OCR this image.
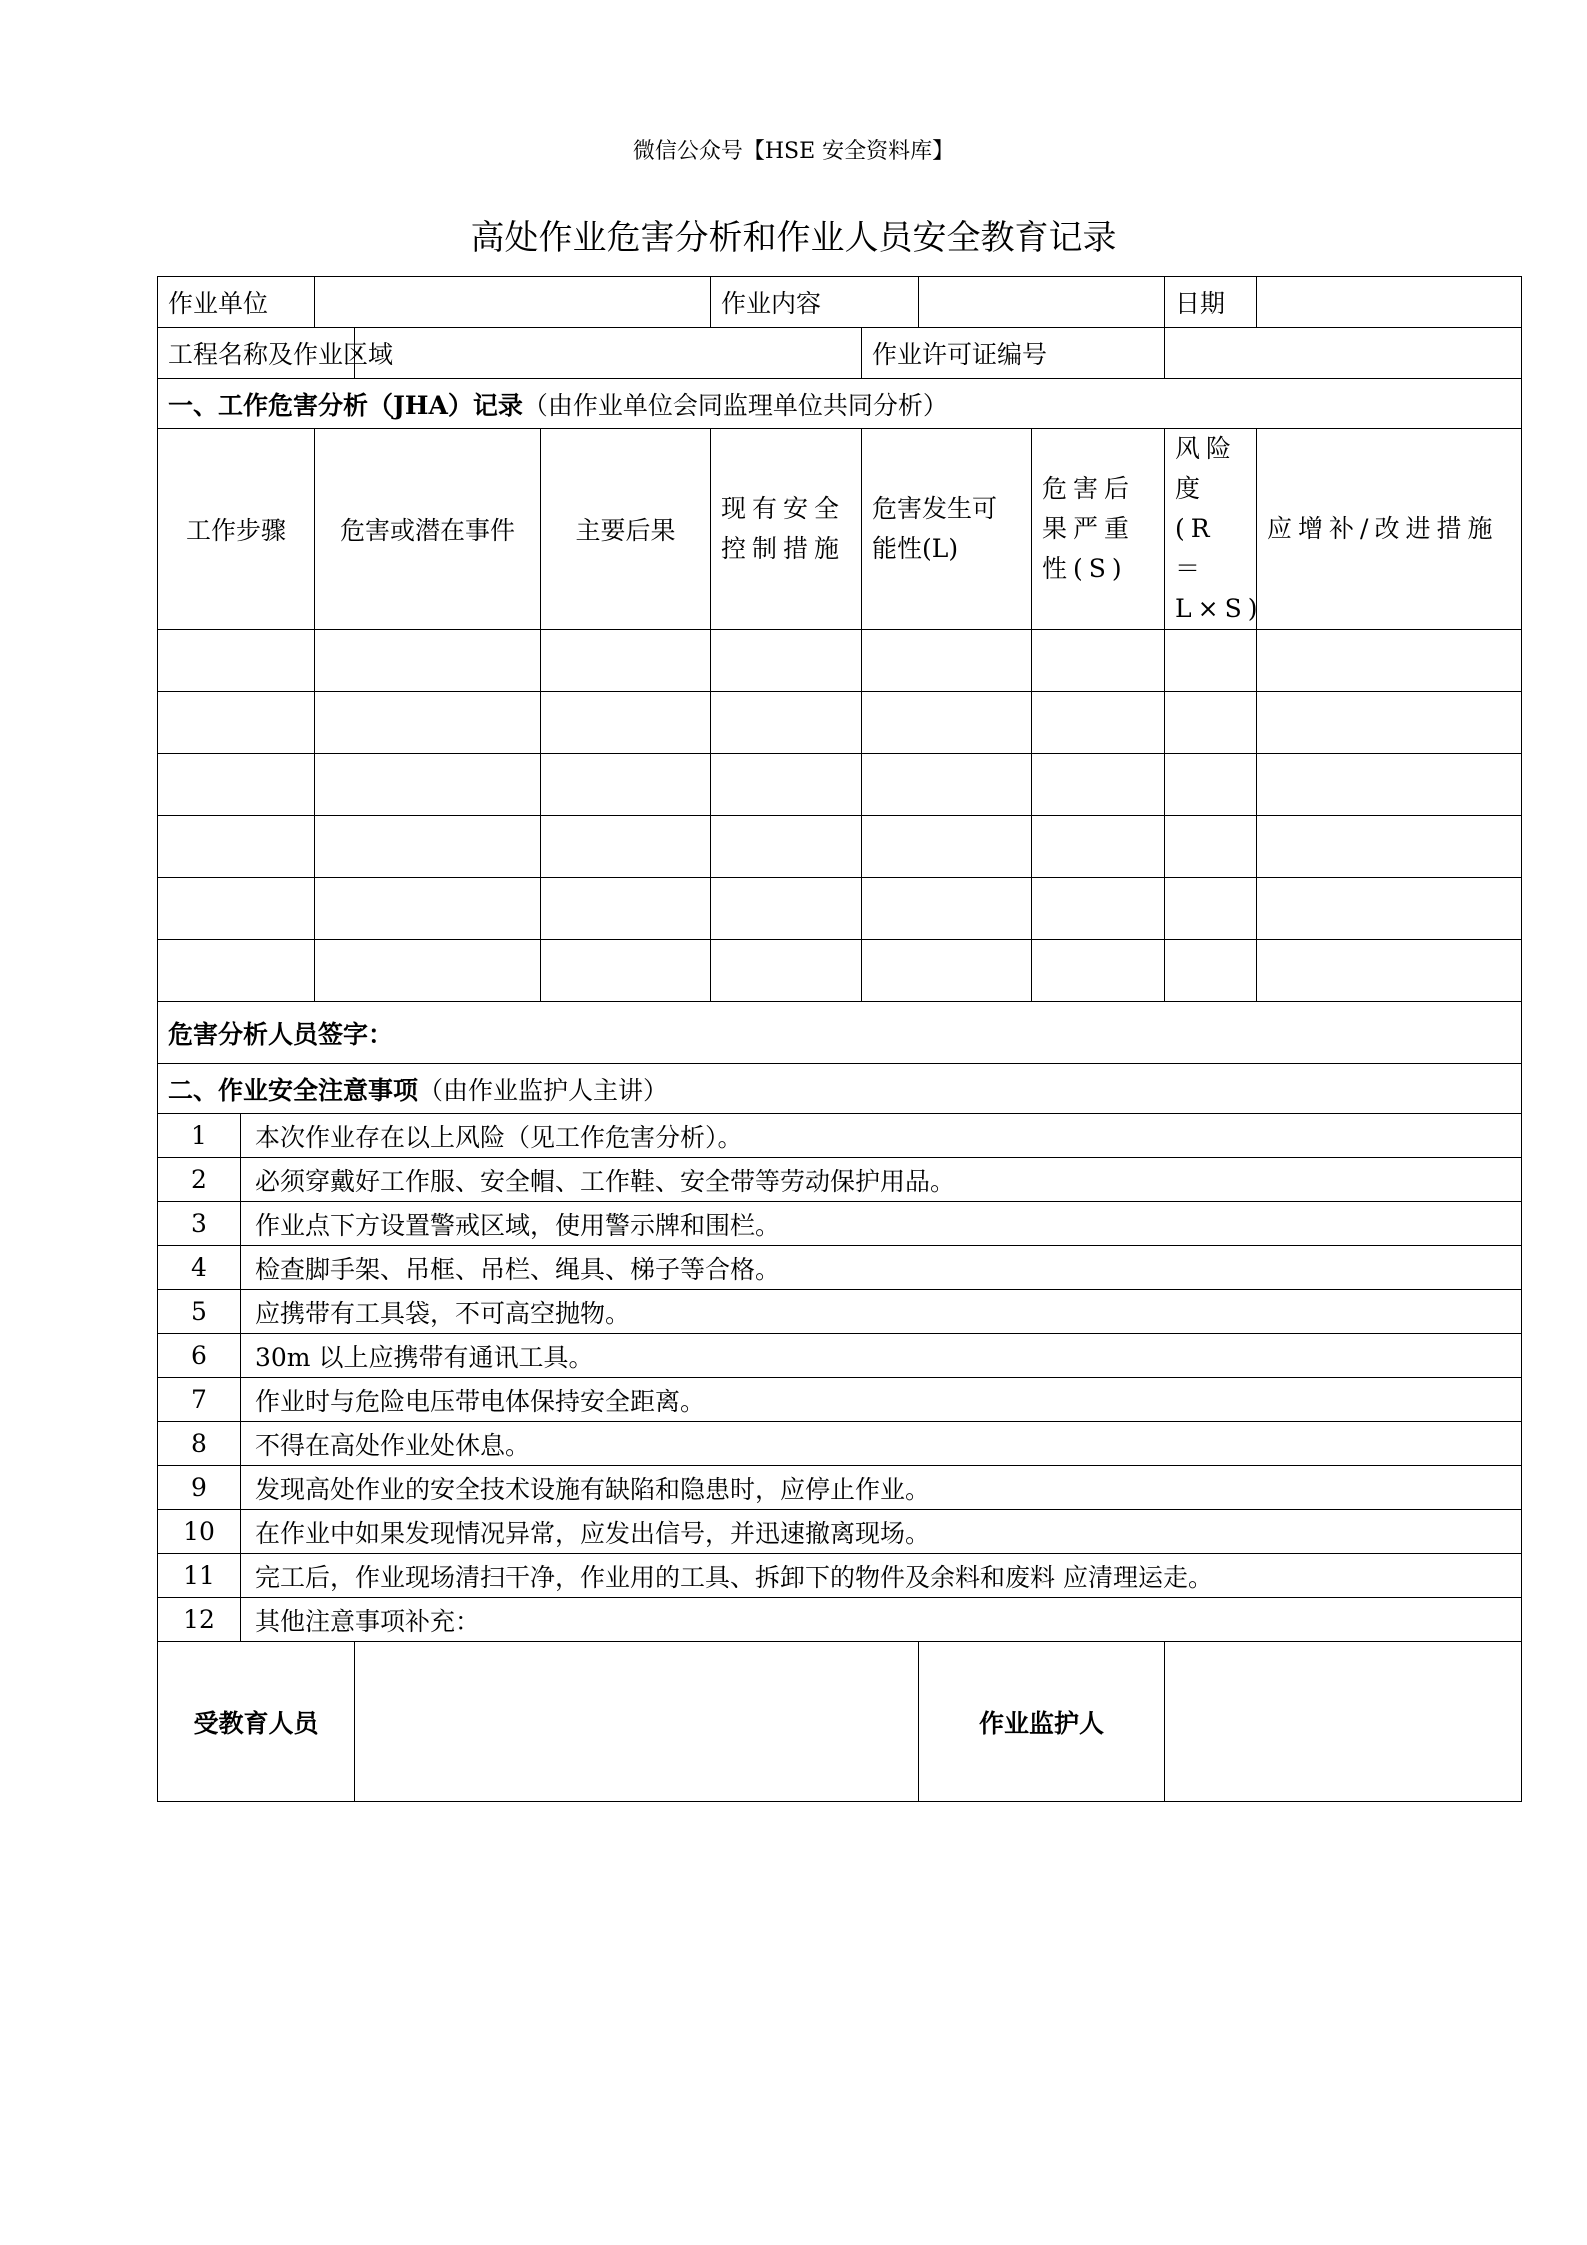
微信公众号【HSE 安全资料库】
高处作业危害分析和作业人员安全教育记录
作业单位					作业内容				日期	
工程名称及作业区域						作业许可证编号				
一、工作危害分析（JHA）记录（由作业单位会同监理单位共同分析）										
工作步骤		危害或潜在事件		主要后果	现有安全控制措施	危害发生可能性(L)		危害后果严重性(S)	风险度(R ＝ L×S)	应增补/改进措施

危害分析人员签字：										
二、作业安全注意事项（由作业监护人主讲）										
1	本次作业存在以上风险（见工作危害分析）。									
2	必须穿戴好工作服、安全帽、工作鞋、安全带等劳动保护用品。									
3	作业点下方设置警戒区域，使用警示牌和围栏。									
4	检查脚手架、吊框、吊栏、绳具、梯子等合格。									
5	应携带有工具袋，不可高空抛物。									
6	30m 以上应携带有通讯工具。									
7	作业时与危险电压带电体保持安全距离。									
8	不得在高处作业处休息。									
9	发现高处作业的安全技术设施有缺陷和隐患时，应停止作业。									
10	在作业中如果发现情况异常，应发出信号，并迅速撤离现场。									
11	完工后，作业现场清扫干净，作业用的工具、拆卸下的物件及余料和废料 应清理运走。									
12	其他注意事项补充：									
受教育人员							作业监护人			
